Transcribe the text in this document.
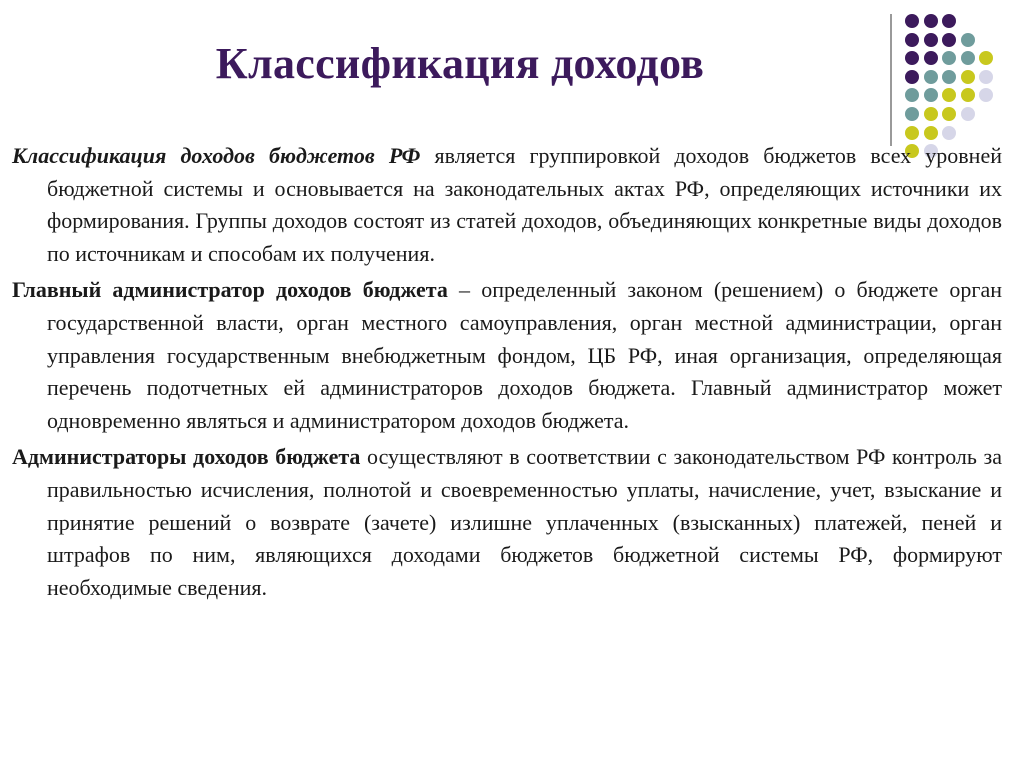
Классификация доходов

Классификация доходов бюджетов РФ является группировкой доходов бюджетов всех уровней бюджетной системы и основывается на законодательных актах РФ, определяющих источники их формирования. Группы доходов состоят из статей доходов, объединяющих конкретные виды доходов по источникам и способам их получения.

Главный администратор доходов бюджета – определенный законом (решением) о бюджете орган государственной власти, орган местного самоуправления, орган местной администрации, орган управления государственным внебюджетным фондом, ЦБ РФ, иная организация, определяющая перечень подотчетных ей администраторов доходов бюджета. Главный администратор может одновременно являться и администратором доходов бюджета.

Администраторы доходов бюджета осуществляют в соответствии с законодательством РФ контроль за правильностью исчисления, полнотой и своевременностью уплаты, начисление, учет, взыскание и принятие решений о возврате (зачете) излишне уплаченных (взысканных) платежей, пеней и штрафов по ним, являющихся доходами бюджетов бюджетной системы РФ, формируют необходимые сведения.
